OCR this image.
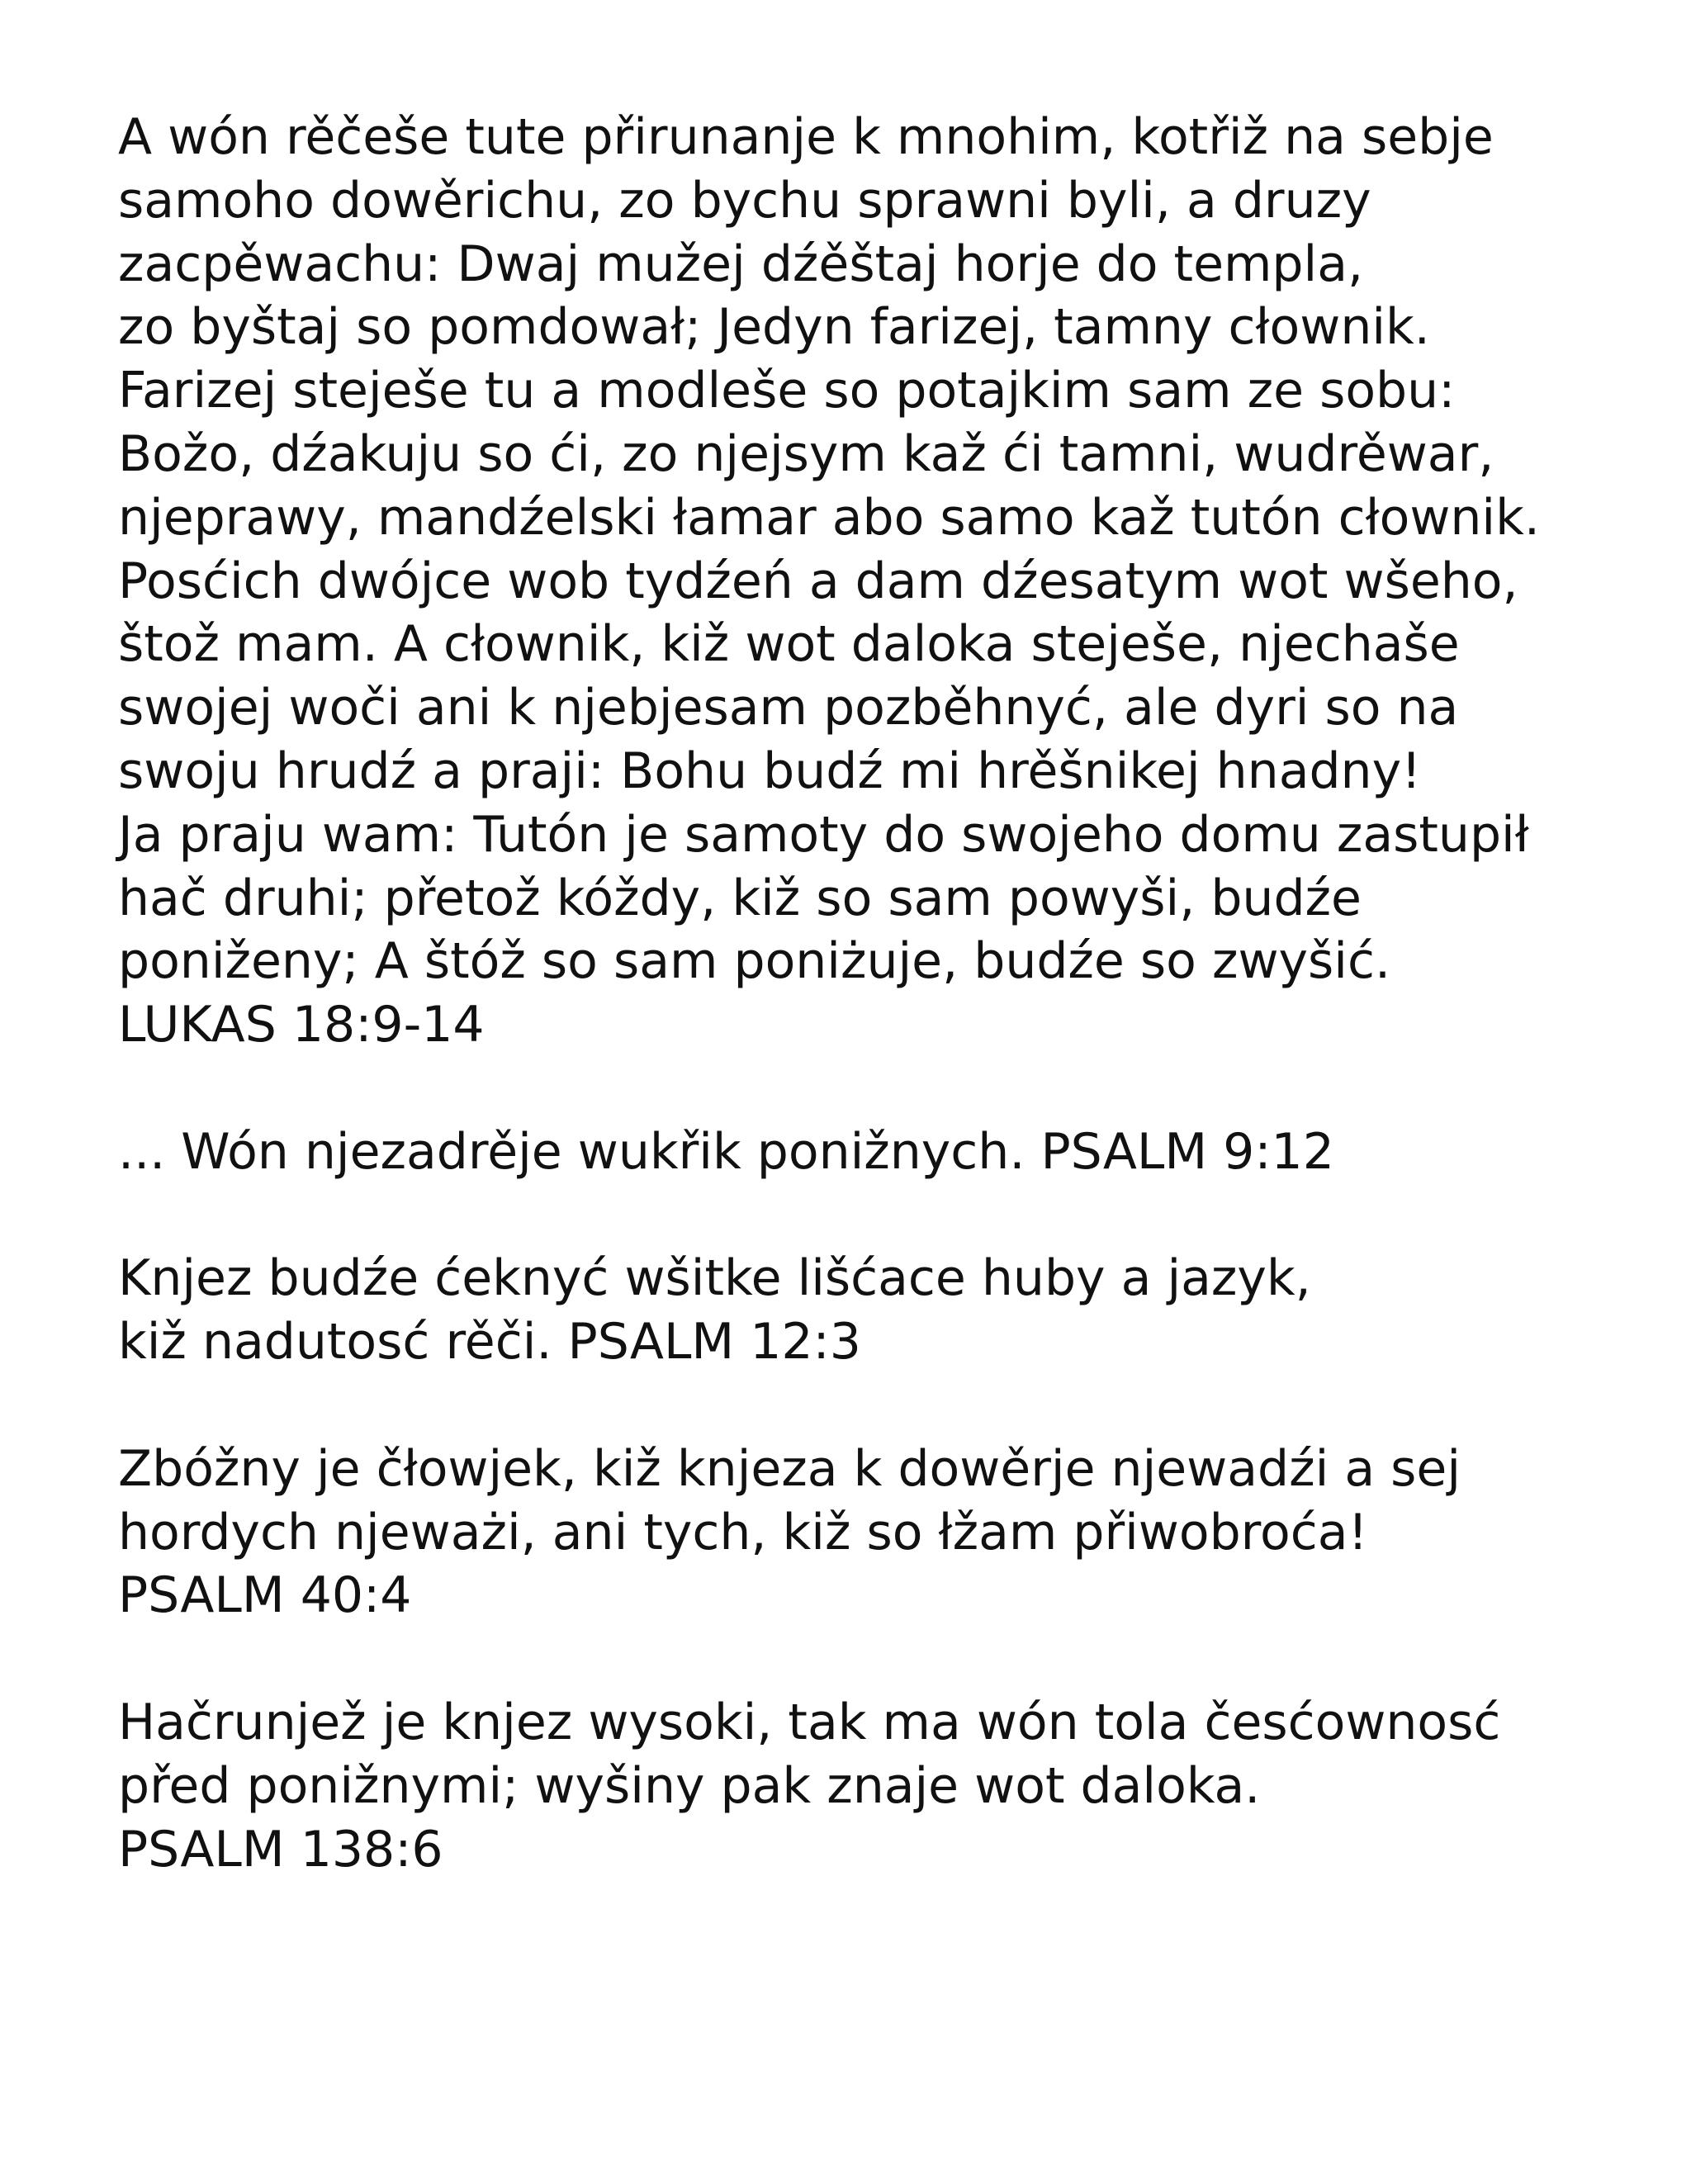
A wón rěčeše tute přirunanje k mnohim, kotřiž na sebje
samoho dowěrichu, zo bychu sprawni byli, a druzy
zacpěwachu: Dwaj mužej dźěštaj horje do templa,
zo byštaj so pomdował; Jedyn farizej, tamny cłownik.
Farizej steješe tu a modleše so potajkim sam ze sobu:
Božo, dźakuju so ći, zo njejsym kaž ći tamni, wudrěwar,
njeprawy, mandźelski łamar abo samo kaž tutón cłownik.
Posćich dwójce wob tydźeń a dam dźesatym wot wšeho,
štož mam. A cłownik, kiž wot daloka steješe, njechaše
swojej woči ani k njebjesam pozběhnyć, ale dyri so na
swoju hrudź a praji: Bohu budź mi hrěšnikej hnadny!
Ja praju wam: Tutón je samoty do swojeho domu zastupił
hač druhi; přetož kóždy, kiž so sam powyši, budźe
poniženy; A štóž so sam poniżuje, budźe so zwyšić.
LUKAS 18:9-14

... Wón njezadrěje wukřik ponižnych. PSALM 9:12

Knjez budźe ćeknyć wšitke lišćace huby a jazyk,
kiž nadutosć rěči. PSALM 12:3

Zbóžny je čłowjek, kiž knjeza k dowěrje njewadźi a sej
hordych njeważi, ani tych, kiž so łžam přiwobroća!
PSALM 40:4

Hačrunjež je knjez wysoki, tak ma wón tola česćownosć
před ponižnymi; wyšiny pak znaje wot daloka.
PSALM 138:6
